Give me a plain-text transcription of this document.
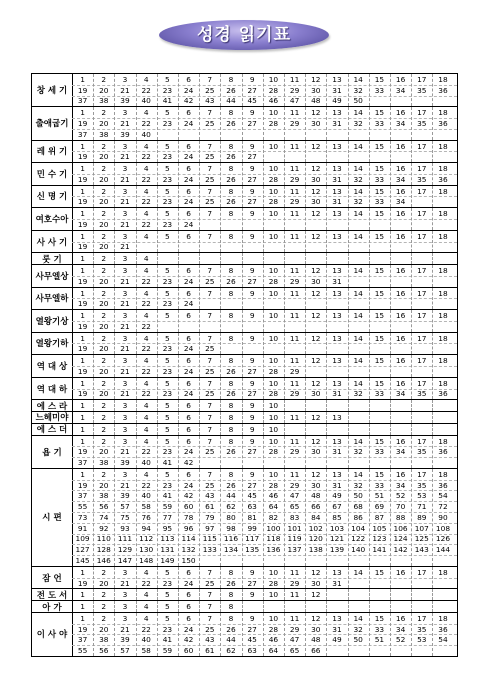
성경 읽기표
창 세 기
1	2	3	4	5	6	7	8	9	10	11	12	13	14	15	16	17	18
19	20	21	22	23	24	25	26	27	28	29	30	31	32	33	34	35	36
37	38	39	40	41	42	43	44	45	46	47	48	49	50
출애굽기
1	2	3	4	5	6	7	8	9	10	11	12	13	14	15	16	17	18
19	20	21	22	23	24	25	26	27	28	29	30	31	32	33	34	35	36
37	38	39	40
레 위 기
1	2	3	4	5	6	7	8	9	10	11	12	13	14	15	16	17	18
19	20	21	22	23	24	25	26	27
민 수 기
1	2	3	4	5	6	7	8	9	10	11	12	13	14	15	16	17	18
19	20	21	22	23	24	25	26	27	28	29	30	31	32	33	34	35	36
신 명 기
1	2	3	4	5	6	7	8	9	10	11	12	13	14	15	16	17	18
19	20	21	22	23	24	25	26	27	28	29	30	31	32	33	34
여호수아
1	2	3	4	5	6	7	8	9	10	11	12	13	14	15	16	17	18
19	20	21	22	23	24
사 사 기
1	2	3	4	5	6	7	8	9	10	11	12	13	14	15	16	17	18
19	20	21
룻 기	1	2	3	4
사무엘상
1	2	3	4	5	6	7	8	9	10	11	12	13	14	15	16	17	18
19	20	21	22	23	24	25	26	27	28	29	30	31
사무엘하
1	2	3	4	5	6	7	8	9	10	11	12	13	14	15	16	17	18
19	20	21	22	23	24
열왕기상
1	2	3	4	5	6	7	8	9	10	11	12	13	14	15	16	17	18
19	20	21	22
열왕기하
1	2	3	4	5	6	7	8	9	10	11	12	13	14	15	16	17	18
19	20	21	22	23	24	25
역 대 상
1	2	3	4	5	6	7	8	9	10	11	12	13	14	15	16	17	18
19	20	21	22	23	24	25	26	27	28	29
역 대 하
1	2	3	4	5	6	7	8	9	10	11	12	13	14	15	16	17	18
19	20	21	22	23	24	25	26	27	28	29	30	31	32	33	34	35	36
에 스 라	1	2	3	4	5	6	7	8	9	10
느헤미야	1	2	3	4	5	6	7	8	9	10	11	12	13
에 스 더	1	2	3	4	5	6	7	8	9	10
욥 기
1	2	3	4	5	6	7	8	9	10	11	12	13	14	15	16	17	18
19	20	21	22	23	24	25	26	27	28	29	30	31	32	33	34	35	36
37	38	39	40	41	42
시 편
1	2	3	4	5	6	7	8	9	10	11	12	13	14	15	16	17	18
19	20	21	22	23	24	25	26	27	28	29	30	31	32	33	34	35	36
37	38	39	40	41	42	43	44	45	46	47	48	49	50	51	52	53	54
55	56	57	58	59	60	61	62	63	64	65	66	67	68	69	70	71	72
73	74	75	76	77	78	79	80	81	82	83	84	85	86	87	88	89	90
91	92	93	94	95	96	97	98	99	100 101 102 103 104 105 106 107 108
109 110 111 112 113 114 115 116 117 118 119 120 121 122 123 124 125 126
127 128 129 130 131 132 133 134 135 136 137 138 139 140 141 142 143 144
145 146 147 148 149 150
잠 언
1	2	3	4	5	6	7	8	9	10	11	12	13	14	15	16	17	18
19	20	21	22	23	24	25	26	27	28	29	30	31
전 도 서	1	2	3	4	5	6	7	8	9	10	11	12
아 가	1	2	3	4	5	6	7	8
이 사 야
1	2	3	4	5	6	7	8	9	10	11	12	13	14	15	16	17	18
19	20	21	22	23	24	25	26	27	28	29	30	31	32	33	34	35	36
37	38	39	40	41	42	43	44	45	46	47	48	49	50	51	52	53	54
55	56	57	58	59	60	61	62	63	64	65	66
